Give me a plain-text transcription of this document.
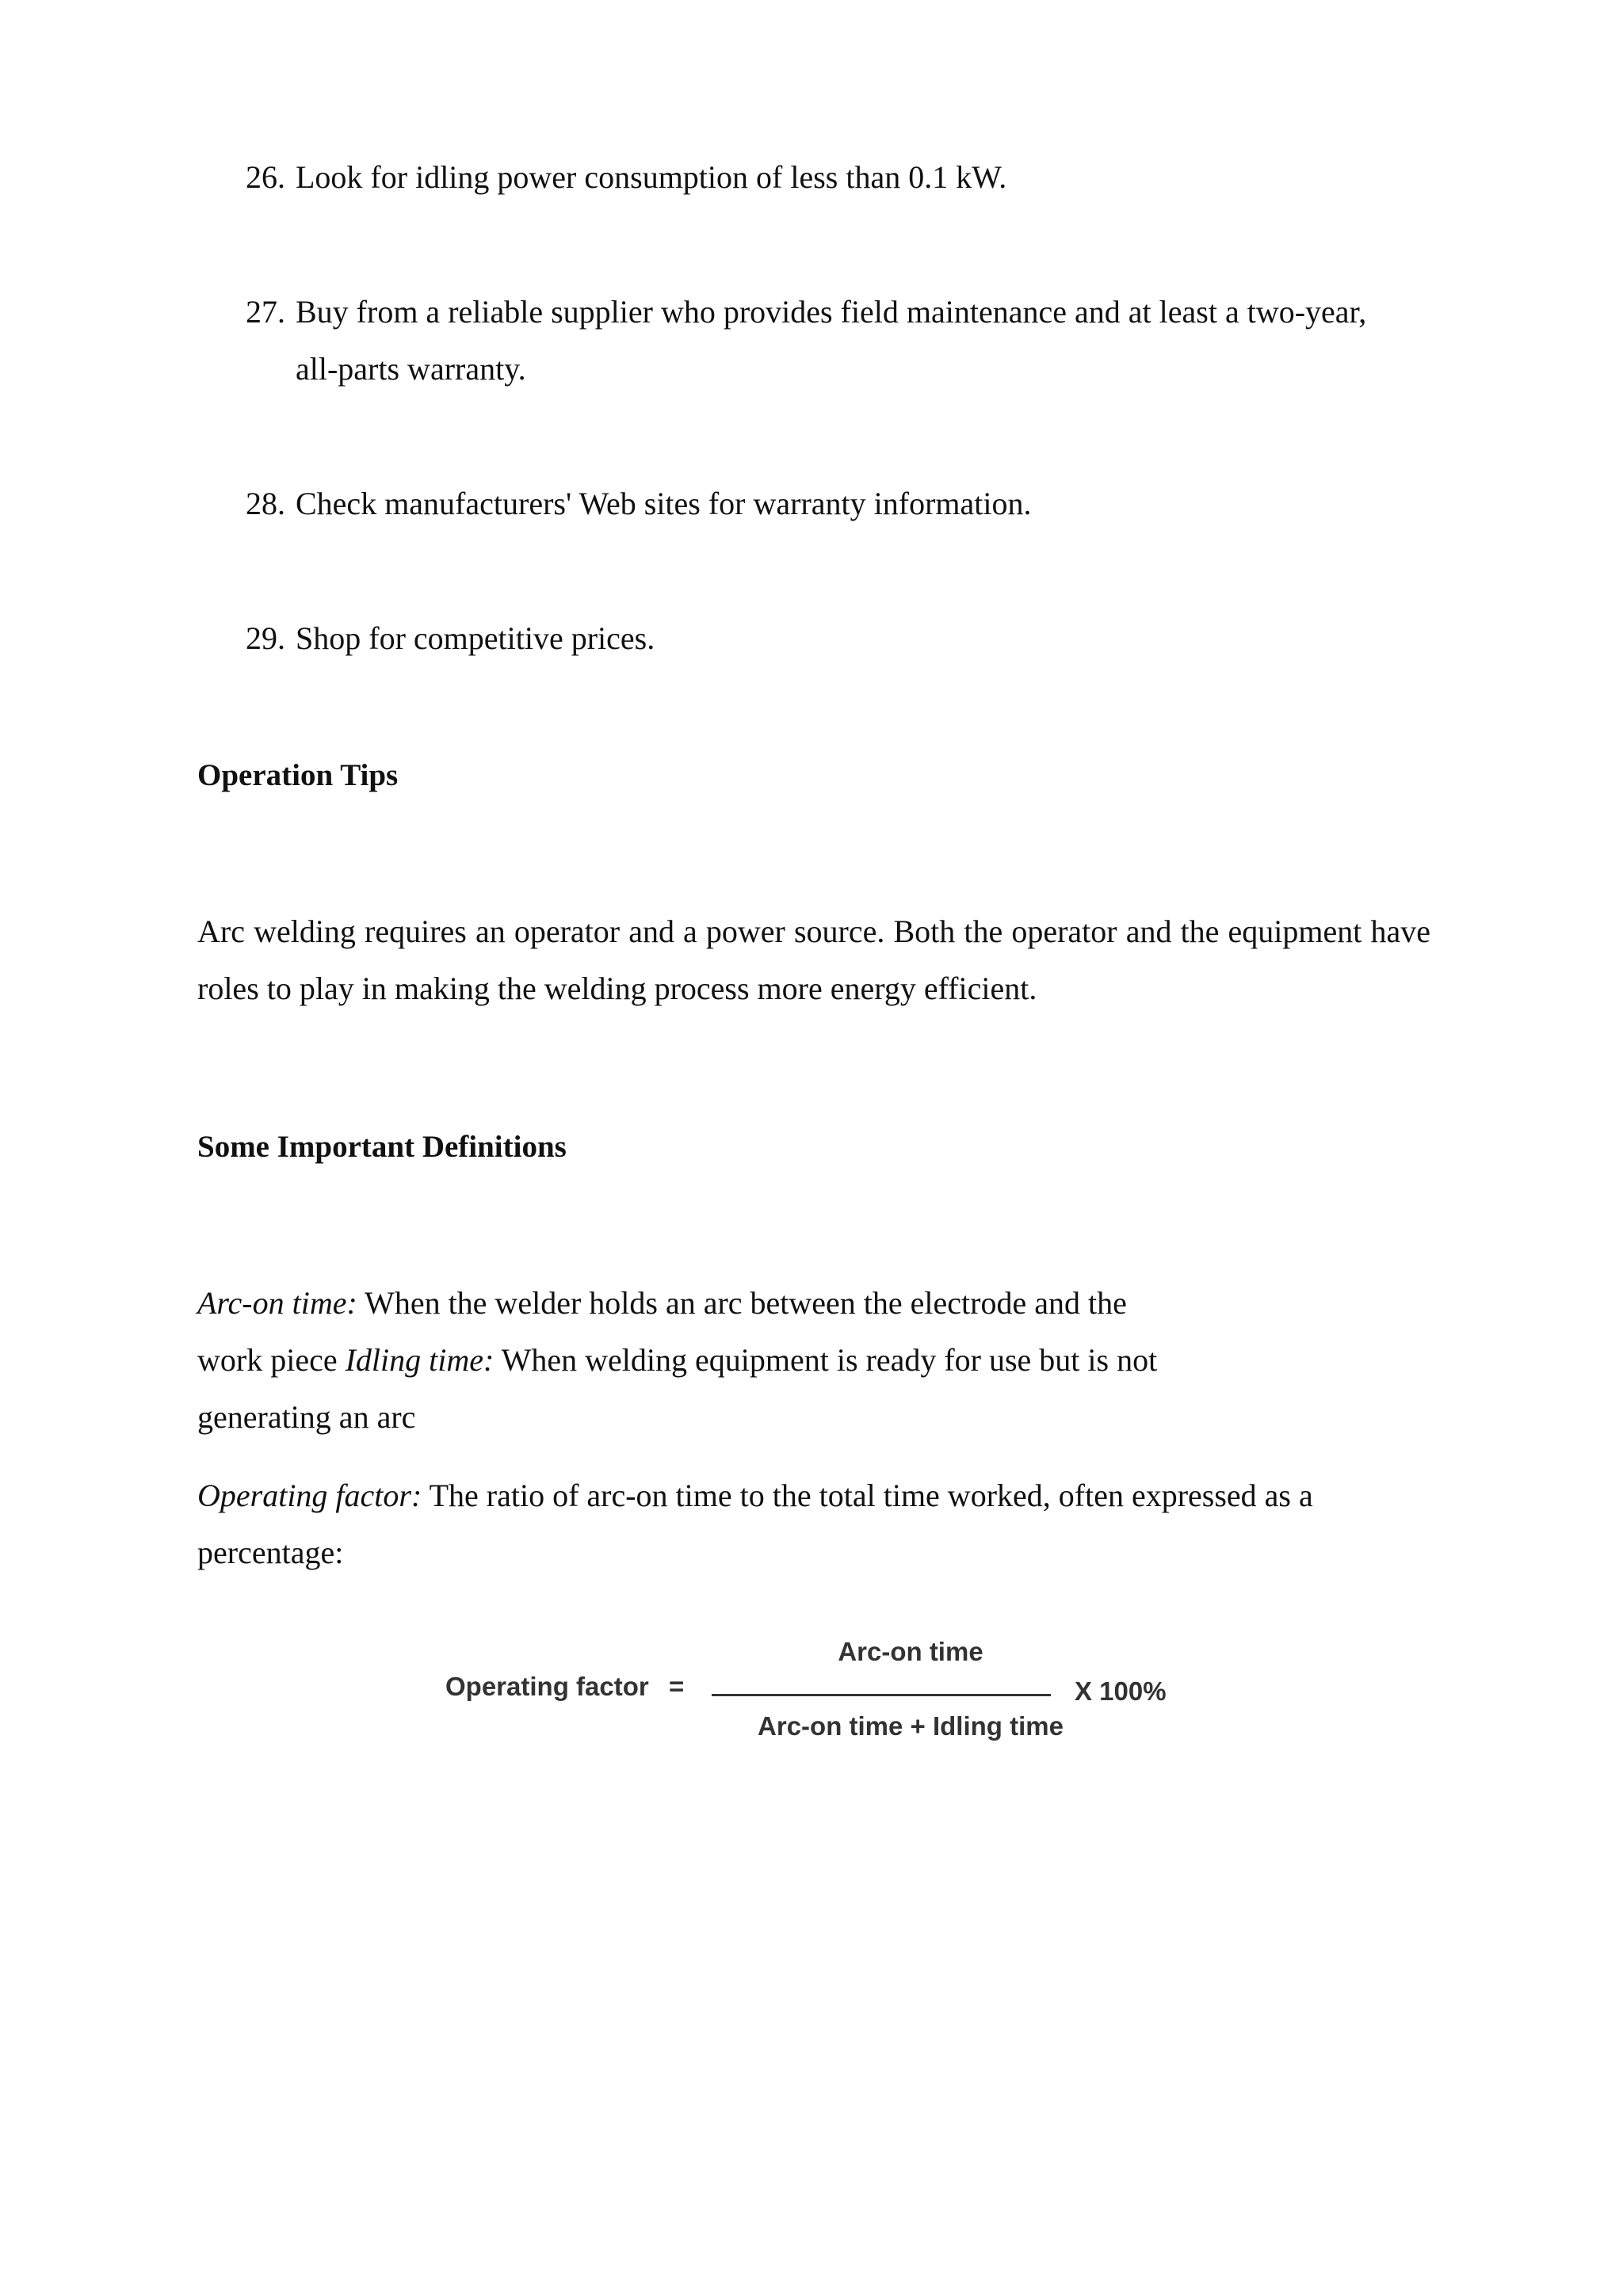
26. Look for idling power consumption of less than 0.1 kW.
27. Buy from a reliable supplier who provides field maintenance and at least a two-year,
all-parts warranty.
28. Check manufacturers' Web sites for warranty information.
29. Shop for competitive prices.
Operation Tips

Arc welding requires an operator and a power source. Both the operator and the equipment have roles to play in making the welding process more energy efficient.

Some Important Definitions
Arc-on time: When the welder holds an arc between the electrode and the
work piece Idling time: When welding equipment is ready for use but is not
generating an arc
Operating factor: The ratio of arc-on time to the total time worked, often expressed as a percentage:
Operating factor =
Arc-on time
Arc-on time + Idling time
X 100%
